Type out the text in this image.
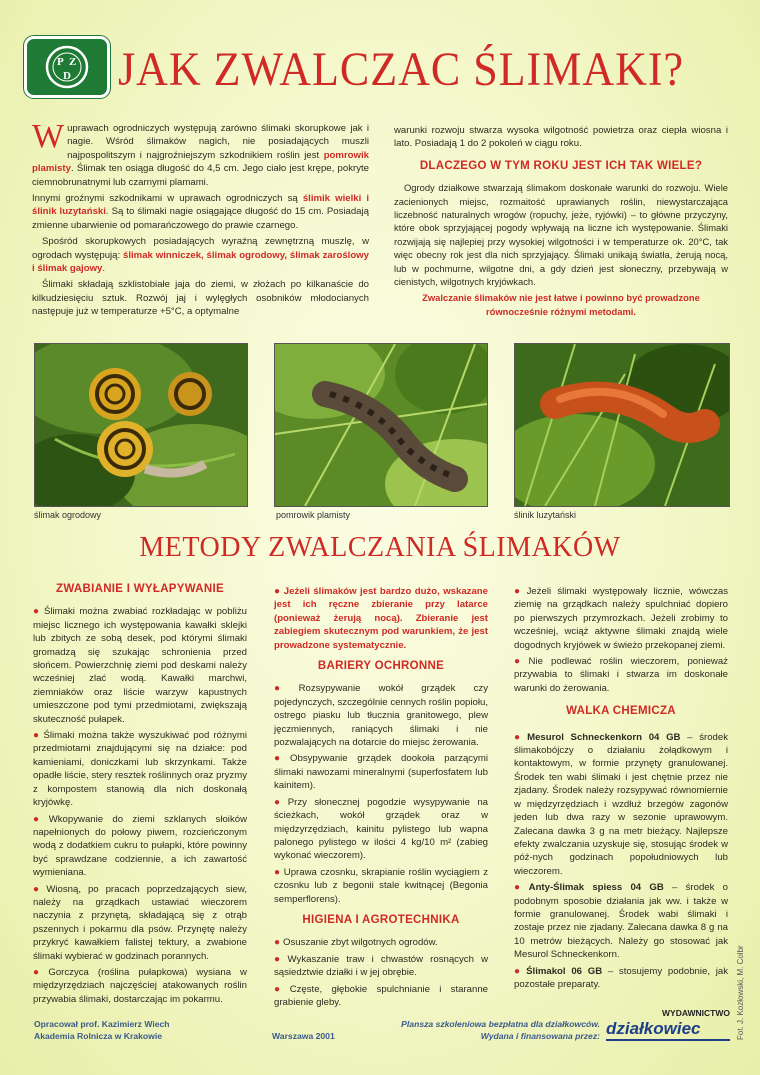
P Z
D JAK ZWALCZAC ŚLIMAKI?

W uprawach ogrodniczych występują zarówno ślimaki skorupkowe jak i nagie. Wśród ślimaków nagich, nie posiadających muszli najpospolitszym i najgroźniejszym szkodnikiem roślin jest pomrowik plamisty. Ślimak ten osiąga długość do 4,5 cm. Jego ciało jest krępe, pokryte ciemnobrunatnymi lub czarnymi plamami.

Innymi groźnymi szkodnikami w uprawach ogrodniczych są ślimik wielki i ślinik luzytański. Są to ślimaki nagie osiągające długość do 15 cm. Posiadają zmienne ubarwienie od pomarańczowego do prawie czarnego.

Spośród skorupkowych posiadających wyraźną zewnętrzną muszlę, w ogrodach występują: ślimak winniczek, ślimak ogrodowy, ślimak zaroślowy i ślimak gajowy.

Ślimaki składają szklistobiałe jaja do ziemi, w złożach po kilkanaście do kilkudziesięciu sztuk. Rozwój jaj i wylęgłych osobników młodocianych następuje już w temperaturze +5°C, a optymalne

warunki rozwoju stwarza wysoka wilgotność powietrza oraz ciepła wiosna i lato. Posiadają 1 do 2 pokoleń w ciągu roku.

DLACZEGO W TYM ROKU JEST ICH TAK WIELE?

Ogrody działkowe stwarzają ślimakom doskonałe warunki do rozwoju. Wiele zacienionych miejsc, rozmaitość uprawianych roślin, niewystarczająca liczebność naturalnych wrogów (ropuchy, jeże, ryjówki) – to główne przyczyny, które obok sprzyjającej pogody wpływają na liczne ich występowanie. Ślimaki rozwijają się najlepiej przy wysokiej wilgotności i w temperaturze ok. 20°C, tak więc obecny rok jest dla nich sprzyjający. Ślimaki unikają światła, żerują nocą, lub w pochmurne, wilgotne dni, a gdy dzień jest słoneczny, przebywają w cienistych, wilgotnych kryjówkach.

Zwalczanie ślimaków nie jest łatwe i powinno być prowadzone równocześnie różnymi metodami.

ślimak ogrodowy	pomrowik plamisty	ślinik luzytański
METODY ZWALCZANIA ŚLIMAKÓW
ZWABIANIE I WYŁAPYWANIE

● Ślimaki można zwabiać rozkładając w pobliżu miejsc licznego ich występowania kawałki sklejki lub zbitych ze sobą desek, pod którymi ślimaki gromadzą się szukając schronienia przed słońcem. Powierzchnię ziemi pod deskami należy wcześniej zlać wodą. Kawałki marchwi, ziemniaków oraz liście warzyw kapustnych umieszczone pod tymi przedmiotami, zwiększają skuteczność pułapek.

● Ślimaki można także wyszukiwać pod różnymi przedmiotami znajdującymi się na działce: pod kamieniami, doniczkami lub skrzynkami. Także opadłe liście, stery resztek roślinnych oraz pryzmy z kompostem stanowią dla nich doskonałą kryjówkę.

● Wkopywanie do ziemi szklanych słoików napełnionych do połowy piwem, rozcieńczonym wodą z dodatkiem cukru to pułapki, które powinny być sprawdzane codziennie, a ich zawartość wymieniana.

● Wiosną, po pracach poprzedzających siew, należy na grządkach ustawiać wieczorem naczynia z przynętą, składającą się z otrąb pszennych i pokarmu dla psów. Przynętę należy przykryć kawałkiem falistej tektury, a zwabione ślimaki wybierać w godzinach porannych.

● Gorczyca (roślina pułapkowa) wysiana w międzyrzędziach najczęściej atakowanych roślin przywabia ślimaki, dostarczając im pokarmu.

● Jeżeli ślimaków jest bardzo dużo, wskazane jest ich ręczne zbieranie przy latarce (ponieważ żerują nocą). Zbieranie jest zabiegiem skutecznym pod warunkiem, że jest prowadzone systematycznie.

BARIERY OCHRONNE

● Rozsypywanie wokół grządek czy pojedynczych, szczególnie cennych roślin popiołu, ostrego piasku lub tłucznia granitowego, plew jęczmiennych, raniących ślimaki i nie pozwalających na dotarcie do miejsc żerowania.

● Obsypywanie grządek dookoła parzącymi ślimaki nawozami mineralnymi (superfosfatem lub kainitem).

● Przy słonecznej pogodzie wysypywanie na ścieżkach, wokół grządek oraz w międzyrzędziach, kainitu pylistego lub wapna palonego pylistego w ilości 4 kg/10 m² (zabieg wykonać wieczorem).

● Uprawa czosnku, skrapianie roślin wyciągiem z czosnku lub z begonii stale kwitnącej (Begonia semperflorens).

HIGIENA I AGROTECHNIKA

● Osuszanie zbyt wilgotnych ogrodów.

● Wykaszanie traw i chwastów rosnących w sąsiedztwie działki i w jej obrębie.

● Częste, głębokie spulchnianie i staranne grabienie gleby.

● Jeżeli ślimaki występowały licznie, wówczas ziemię na grządkach należy spulchniać dopiero po pierwszych przymrozkach. Jeżeli zrobimy to wcześniej, wciąż aktywne ślimaki znajdą wiele dogodnych kryjówek w świeżo przekopanej ziemi.

● Nie podlewać roślin wieczorem, ponieważ przywabia to ślimaki i stwarza im doskonałe warunki do żerowania.

WALKA CHEMICZA

● Mesurol Schneckenkorn 04 GB – środek ślimakobójczy o działaniu żołądkowym i kontaktowym, w formie przynęty granulowanej. Środek ten wabi ślimaki i jest chętnie przez nie zjadany. Środek należy rozsypywać równomiernie w międzyrzędziach i wzdłuż brzegów zagonów jeden lub dwa razy w sezonie uprawowym. Zalecana dawka 3 g na metr bieżący. Najlepsze efekty zwalczania uzyskuje się, stosując środek w póź-nych godzinach popołudniowych lub wieczorem.

● Anty-Ślimak spiess 04 GB – środek o podobnym sposobie działania jak ww. i także w formie granulowanej. Środek wabi ślimaki i zostaje przez nie zjadany. Zalecana dawka 8 g na 10 metrów bieżących. Należy go stosować jak Mesurol Schneckenkorn.

● Ślimakol 06 GB – stosujemy podobnie, jak pozostałe preparaty.	Fot. J. Kozłowski, M. Colbr
Opracował prof. Kazimierz Wiech
Akademia Rolnicza w Krakowie	Warszawa 2001
Plansza szkoleniowa bezpłatna dla działkowców.
Wydana i finansowana przez:
WYDAWNICTWO
działkowiec
